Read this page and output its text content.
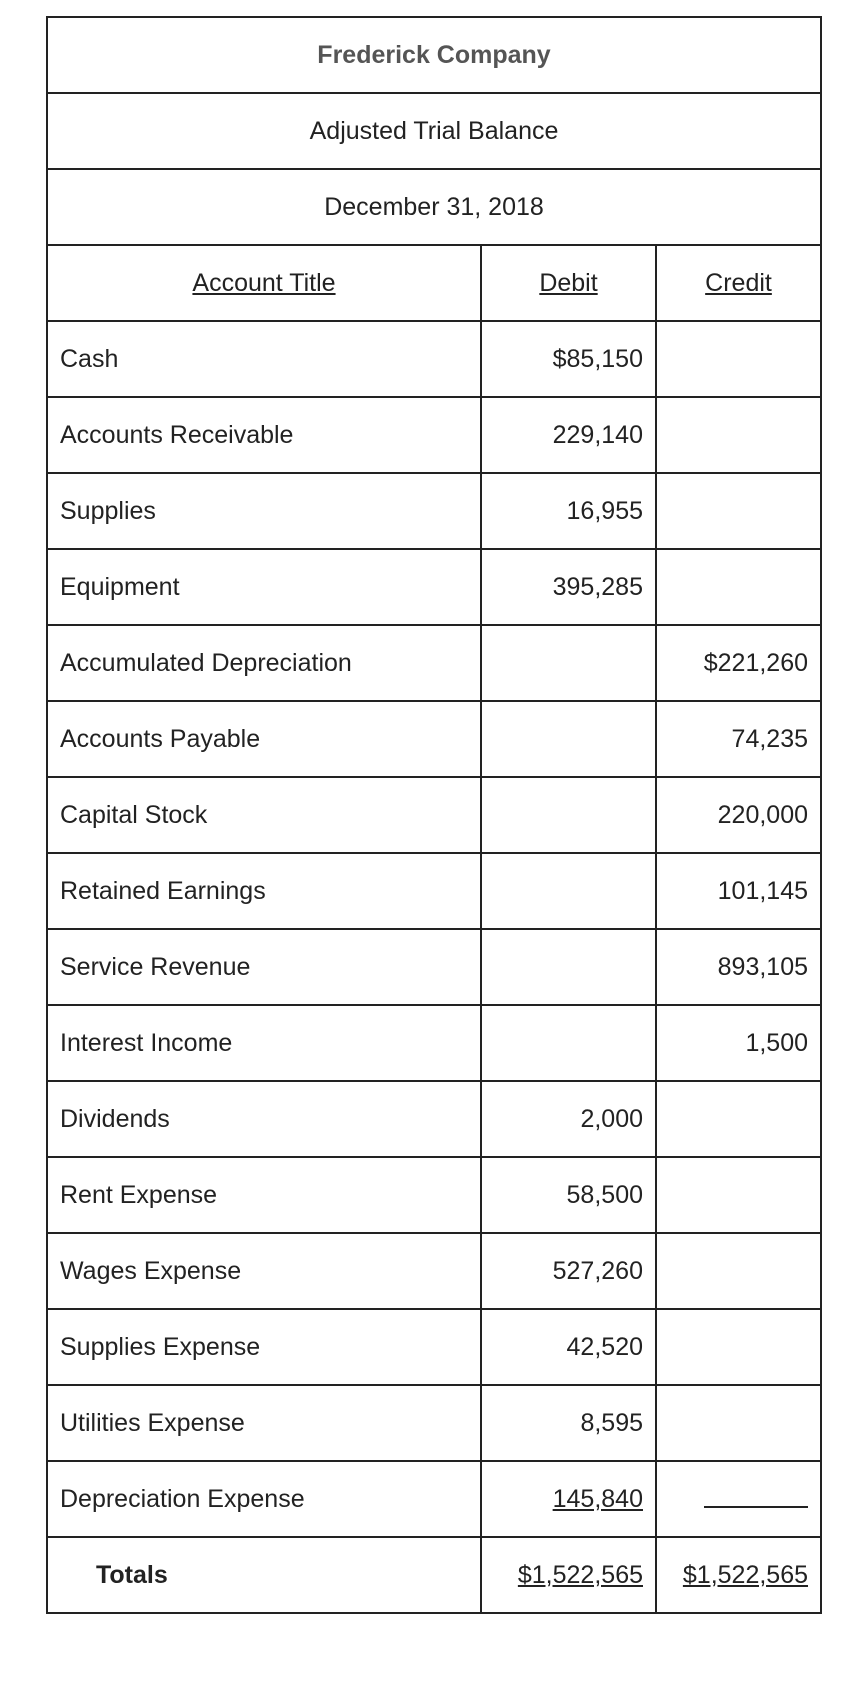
Frederick Company		
Adjusted Trial Balance		
December 31, 2018		
Account Title	Debit	Credit
Cash	$85,150	
Accounts Receivable	229,140	
Supplies	16,955	
Equipment	395,285	
Accumulated Depreciation		$221,260
Accounts Payable		74,235
Capital Stock		220,000
Retained Earnings		101,145
Service Revenue		893,105
Interest Income		1,500
Dividends	2,000	
Rent Expense	58,500	
Wages Expense	527,260	
Supplies Expense	42,520	
Utilities Expense	8,595	
Depreciation Expense	145,840	
Totals	$1,522,565	$1,522,565
